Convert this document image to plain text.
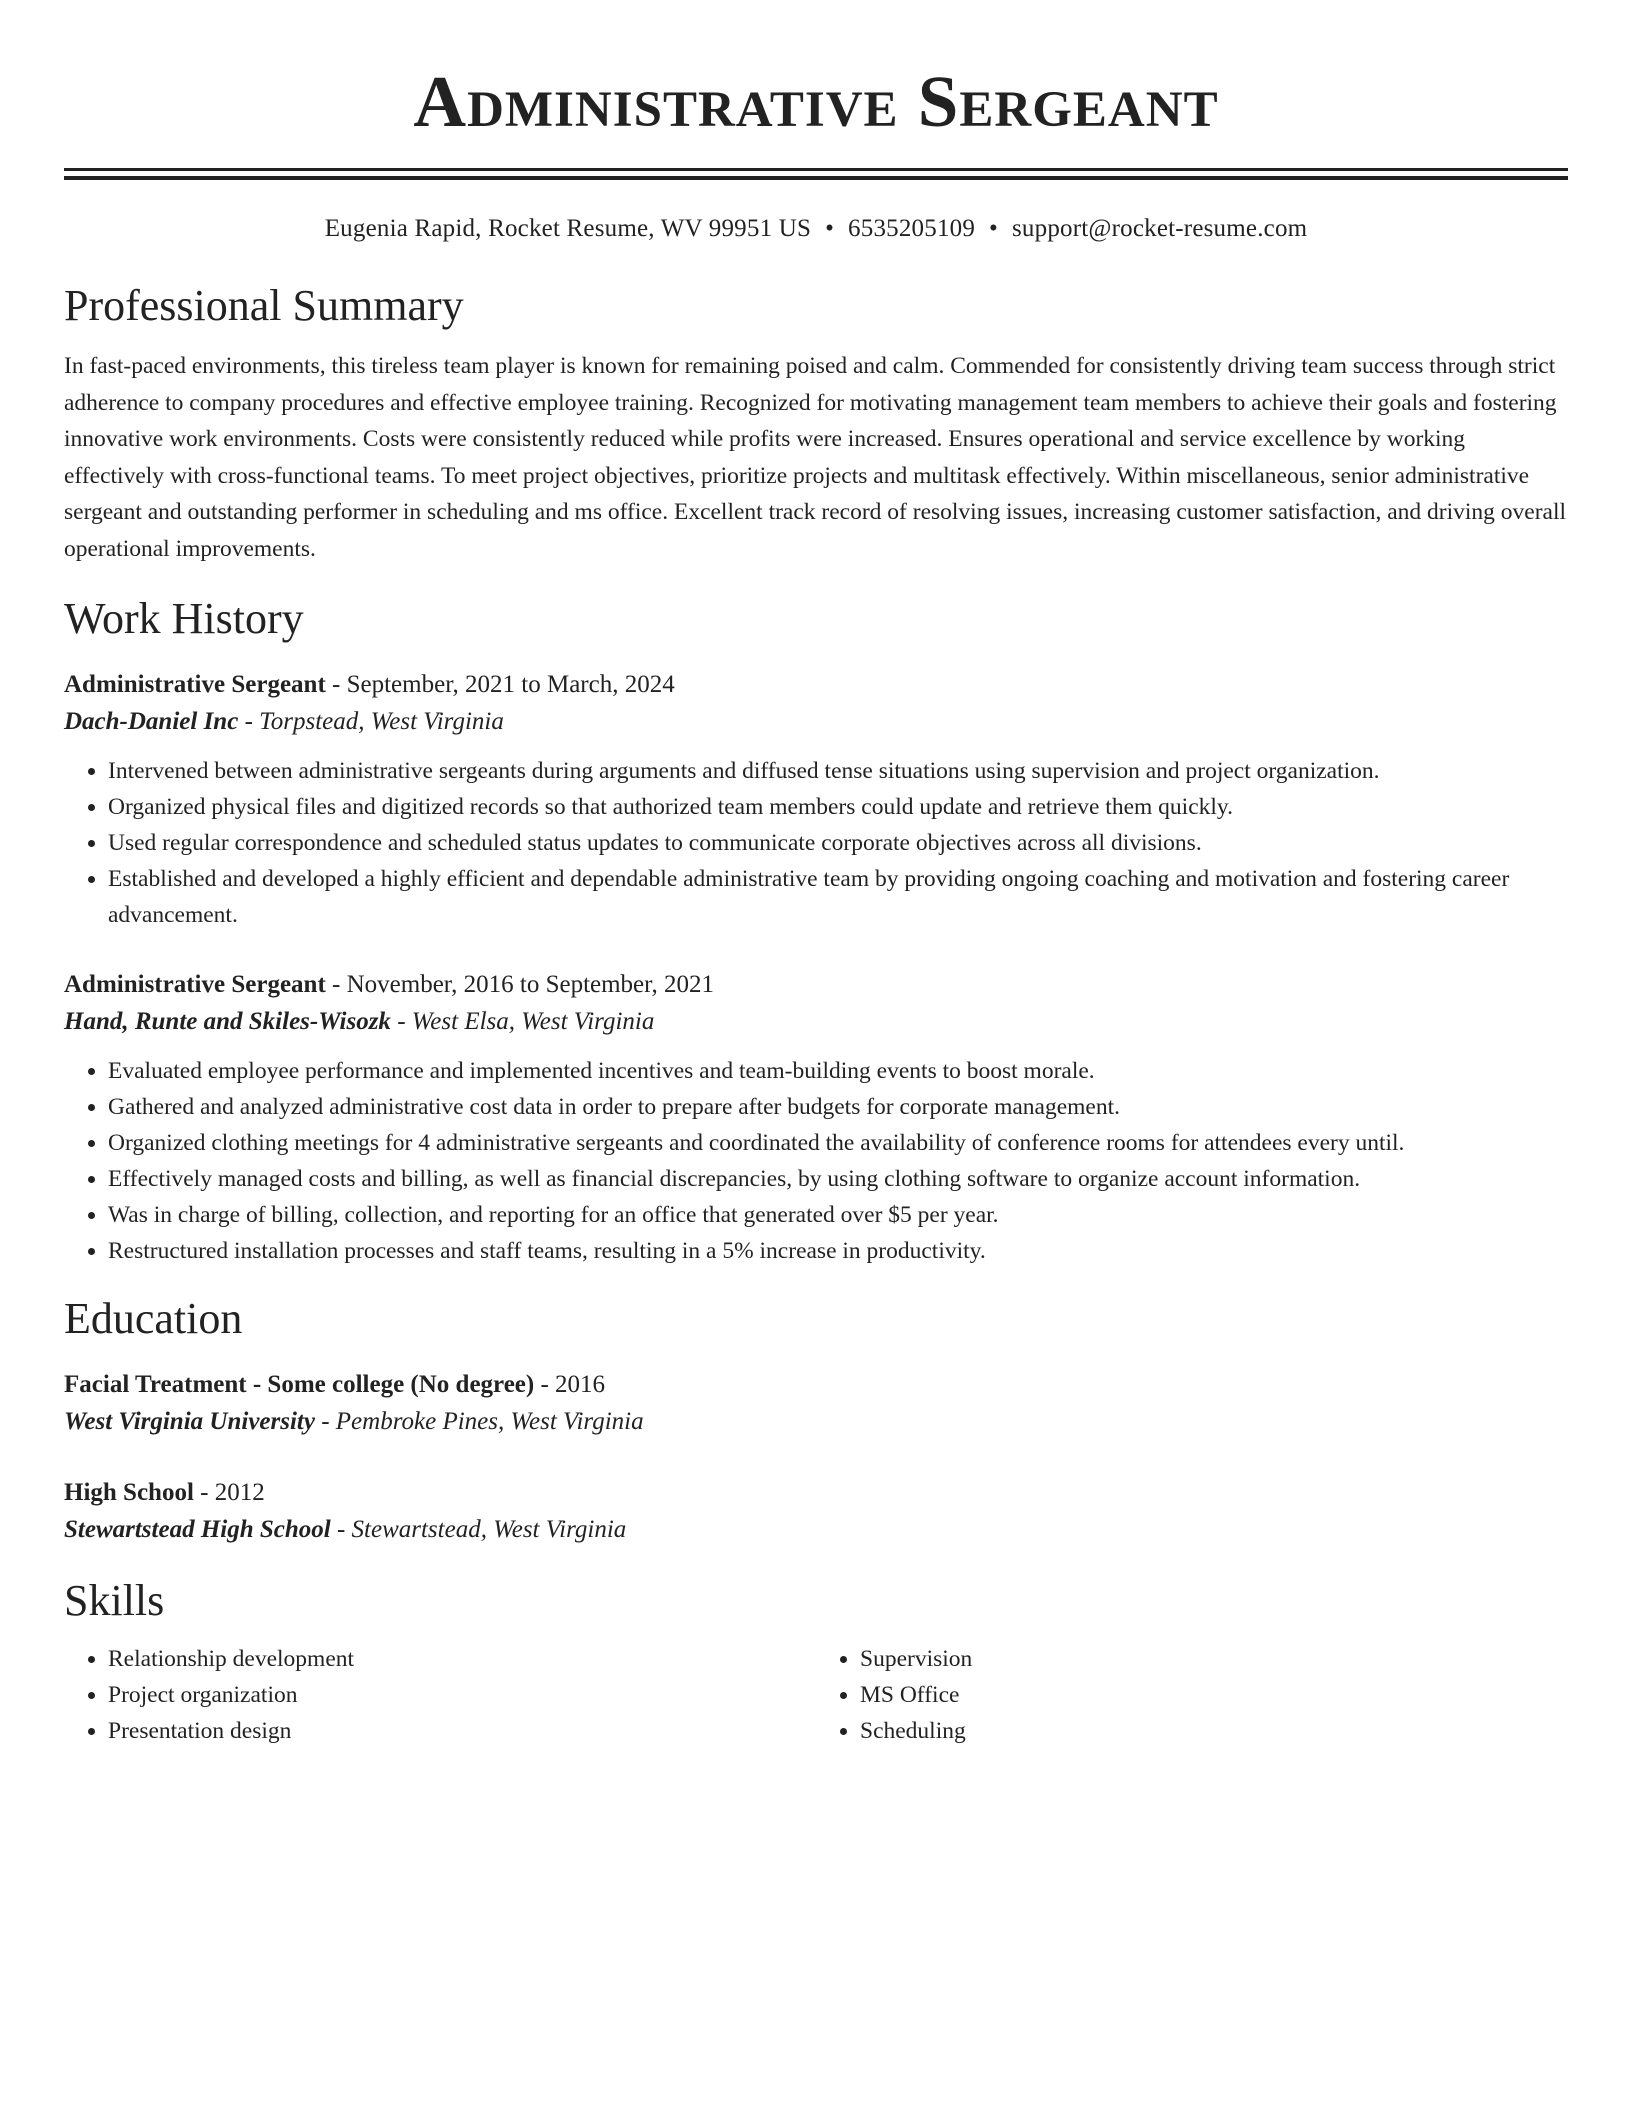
Administrative Sergeant
Eugenia Rapid, Rocket Resume, WV 99951 US • 6535205109 • support@rocket-resume.com
Professional Summary

In fast-paced environments, this tireless team player is known for remaining poised and calm. Commended for consistently driving team success through strict adherence to company procedures and effective employee training. Recognized for motivating management team members to achieve their goals and fostering innovative work environments. Costs were consistently reduced while profits were increased. Ensures operational and service excellence by working effectively with cross-functional teams. To meet project objectives, prioritize projects and multitask effectively. Within miscellaneous, senior administrative sergeant and outstanding performer in scheduling and ms office. Excellent track record of resolving issues, increasing customer satisfaction, and driving overall operational improvements.

Work History
Administrative Sergeant - September, 2021 to March, 2024
Dach-Daniel Inc - Torpstead, West Virginia
• Intervened between administrative sergeants during arguments and diffused tense situations using supervision and project organization.
• Organized physical files and digitized records so that authorized team members could update and retrieve them quickly.
• Used regular correspondence and scheduled status updates to communicate corporate objectives across all divisions.
• Established and developed a highly efficient and dependable administrative team by providing ongoing coaching and motivation and fostering career advancement.
Administrative Sergeant - November, 2016 to September, 2021
Hand, Runte and Skiles-Wisozk - West Elsa, West Virginia
• Evaluated employee performance and implemented incentives and team-building events to boost morale.
• Gathered and analyzed administrative cost data in order to prepare after budgets for corporate management.
• Organized clothing meetings for 4 administrative sergeants and coordinated the availability of conference rooms for attendees every until.
• Effectively managed costs and billing, as well as financial discrepancies, by using clothing software to organize account information.
• Was in charge of billing, collection, and reporting for an office that generated over $5 per year.
• Restructured installation processes and staff teams, resulting in a 5% increase in productivity.
Education
Facial Treatment - Some college (No degree) - 2016
West Virginia University - Pembroke Pines, West Virginia
High School - 2012
Stewartstead High School - Stewartstead, West Virginia
Skills
• Relationship development
• Project organization
• Presentation design
• Supervision
• MS Office
• Scheduling
